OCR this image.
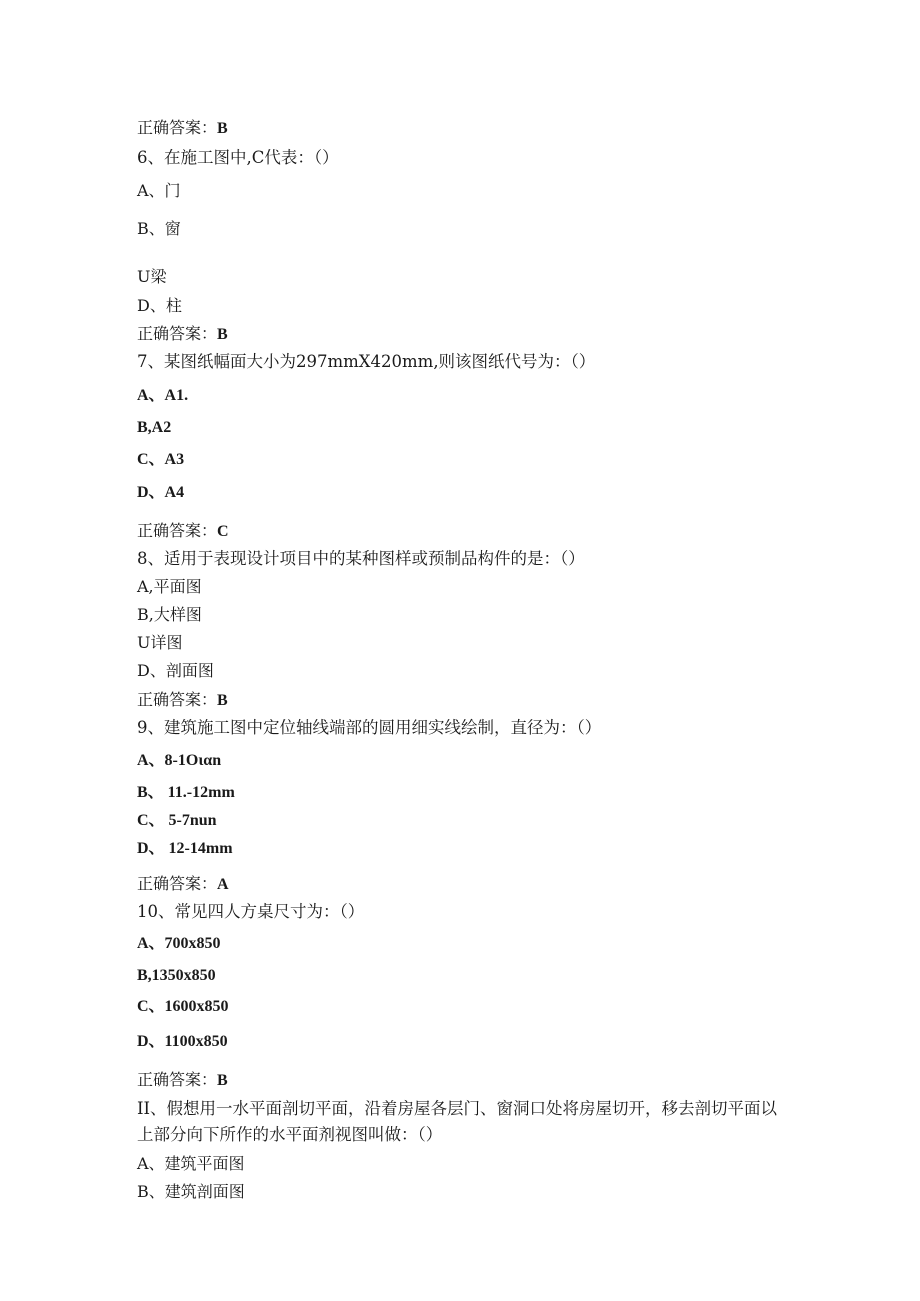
正确答案：B
6、在施工图中,C代表：（）
A、门
B、窗
U梁
D、柱
正确答案：B
7、某图纸幅面大小为297mmX420mm,则该图纸代号为：（）
A、A1.
B,A2
C、A3
D、A4
正确答案：C
8、适用于表现设计项目中的某种图样或预制品构件的是：（）
A,平面图
B,大样图
U详图
D、剖面图
正确答案：B
9、建筑施工图中定位轴线端部的圆用细实线绘制，直径为：（）
A、8-1Oιαn
B、 11.-12mm
C、 5-7nun
D、 12-14mm
正确答案：A
10、常见四人方桌尺寸为：（）
A、700x850
B,1350x850
C、1600x850
D、1100x850
正确答案：B
II、假想用一水平面剖切平面，沿着房屋各层门、窗洞口处将房屋切开，移去剖切平面以上部分向下所作的水平面剂视图叫做：（）
A、建筑平面图
B、建筑剖面图
